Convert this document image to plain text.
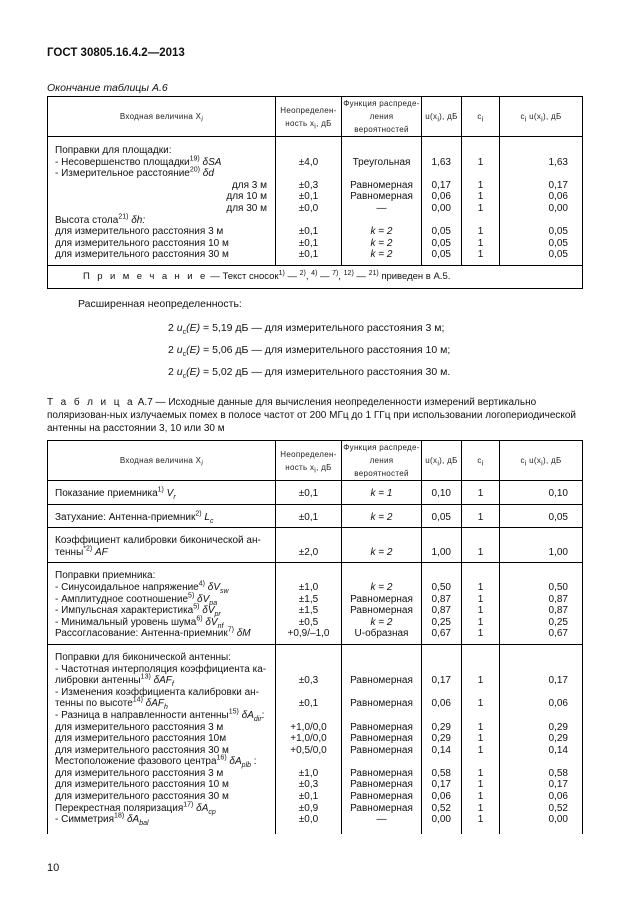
ГОСТ 30805.16.4.2—2013
Окончание таблицы А.6
Входная величина $X_i$	Неопределен-ность $x_i$, дБ	Функция распреде-ления вероятностей	$u(x_i)$, дБ	$c_i$	$c_i$ $u(x_i)$, дБ

Поправки для площадки:					
- Несовершенство площадки$^{19)}$ δSA	±4,0	Треугольная	1,63	1	1,63
- Измерительное расстояние$^{20)}$ δd					
для 3 м	±0,3	Равномерная	0,17	1	0,17
для 10 м	±0,1	Равномерная	0,06	1	0,06
для 30 м	±0,0	—	0,00	1	0,00
Высота стола$^{21)}$ δh:					
для измерительного расстояния 3 м	±0,1	k = 2	0,05	1	0,05
для измерительного расстояния 10 м	±0,1	k = 2	0,05	1	0,05
для измерительного расстояния 30 м	±0,1	k = 2	0,05	1	0,05

П р и м е ч а н и е — Текст сносок$^{1)}$ — $^{2)}$, $^{4)}$ — $^{7)}$, $^{12)}$ — $^{21)}$ приведен в А.5.					
Расширенная неопределенность:
2 $u_c(E) = 5,19$ дБ — для измерительного расстояния 3 м;
2 $u_c(E) = 5,06$ дБ — для измерительного расстояния 10 м;
2 $u_c(E) = 5,02$ дБ — для измерительного расстояния 30 м.
Т а б л и ц а А.7 — Исходные данные для вычисления неопределенности измерений вертикально поляризован-ных излучаемых помех в полосе частот от 200 МГц до 1 ГГц при использовании логопериодической антенны на расстоянии 3, 10 или 30 м
Входная величина $X_i$	Неопределен-ность $x_i$, дБ	Функция распреде-ления вероятностей	$u(x_i)$, дБ	$c_i$	$c_i$ $u(x_i)$, дБ

Показание приемника$^{1)}$ $V_r$	±0,1	k = 1	0,10	1	0,10

Затухание: Антенна-приемник$^{2)}$ $L_c$	±0,1	k = 2	0,05	1	0,05

Коэффициент калибровки биконической ан-					
тенны$^{*2)}$ AF	±2,0	k = 2	1,00	1	1,00

Поправки приемника:					
- Синусоидальное напряжение$^{4)}$ $\delta V_{sw}$	±1,0	k = 2	0,50	1	0,50
- Амплитудное соотношение$^{5)}$ $\delta V_{pa}$	±1,5	Равномерная	0,87	1	0,87
- Импульсная характеристика$^{5)}$ $\delta V_{pr}$	±1,5	Равномерная	0,87	1	0,87
- Минимальный уровень шума$^{6)}$ $\delta V_{nf}$	±0,5	k = 2	0,25	1	0,25
Рассогласование: Антенна-приемник$^{7)}$ δM	+0,9/–1,0	U-образная	0,67	1	0,67

Поправки для биконической антенны:					
- Частотная интерполяция коэффициента ка-					
либровки антенны$^{13)}$ δAF$_f$	±0,3	Равномерная	0,17	1	0,17
- Изменения коэффициента калибровки ан-					
тенны по высоте$^{14)}$ δAF$_h$	±0,1	Равномерная	0,06	1	0,06
- Разница в направленности антенны$^{15)}$ $\delta A_{dir}$:					
для измерительного расстояния 3 м	+1,0/0,0	Равномерная	0,29	1	0,29
для измерительного расстояния 10м	+1,0/0,0	Равномерная	0,29	1	0,29
для измерительного расстояния 30 м	+0,5/0,0	Равномерная	0,14	1	0,14
Местоположение фазового центра$^{16)}$ $\delta A_{plb}$ :					
для измерительного расстояния 3 м	±1,0	Равномерная	0,58	1	0,58
для измерительного расстояния 10 м	±0,3	Равномерная	0,17	1	0,17
для измерительного расстояния 30 м	±0,1	Равномерная	0,06	1	0,06
Перекрестная поляризация$^{17)}$ $\delta A_{cp}$	±0,9	Равномерная	0,52	1	0,52
- Симметрия$^{18)}$ $\delta A_{bal}$	±0,0	—	0,00	1	0,00

10
